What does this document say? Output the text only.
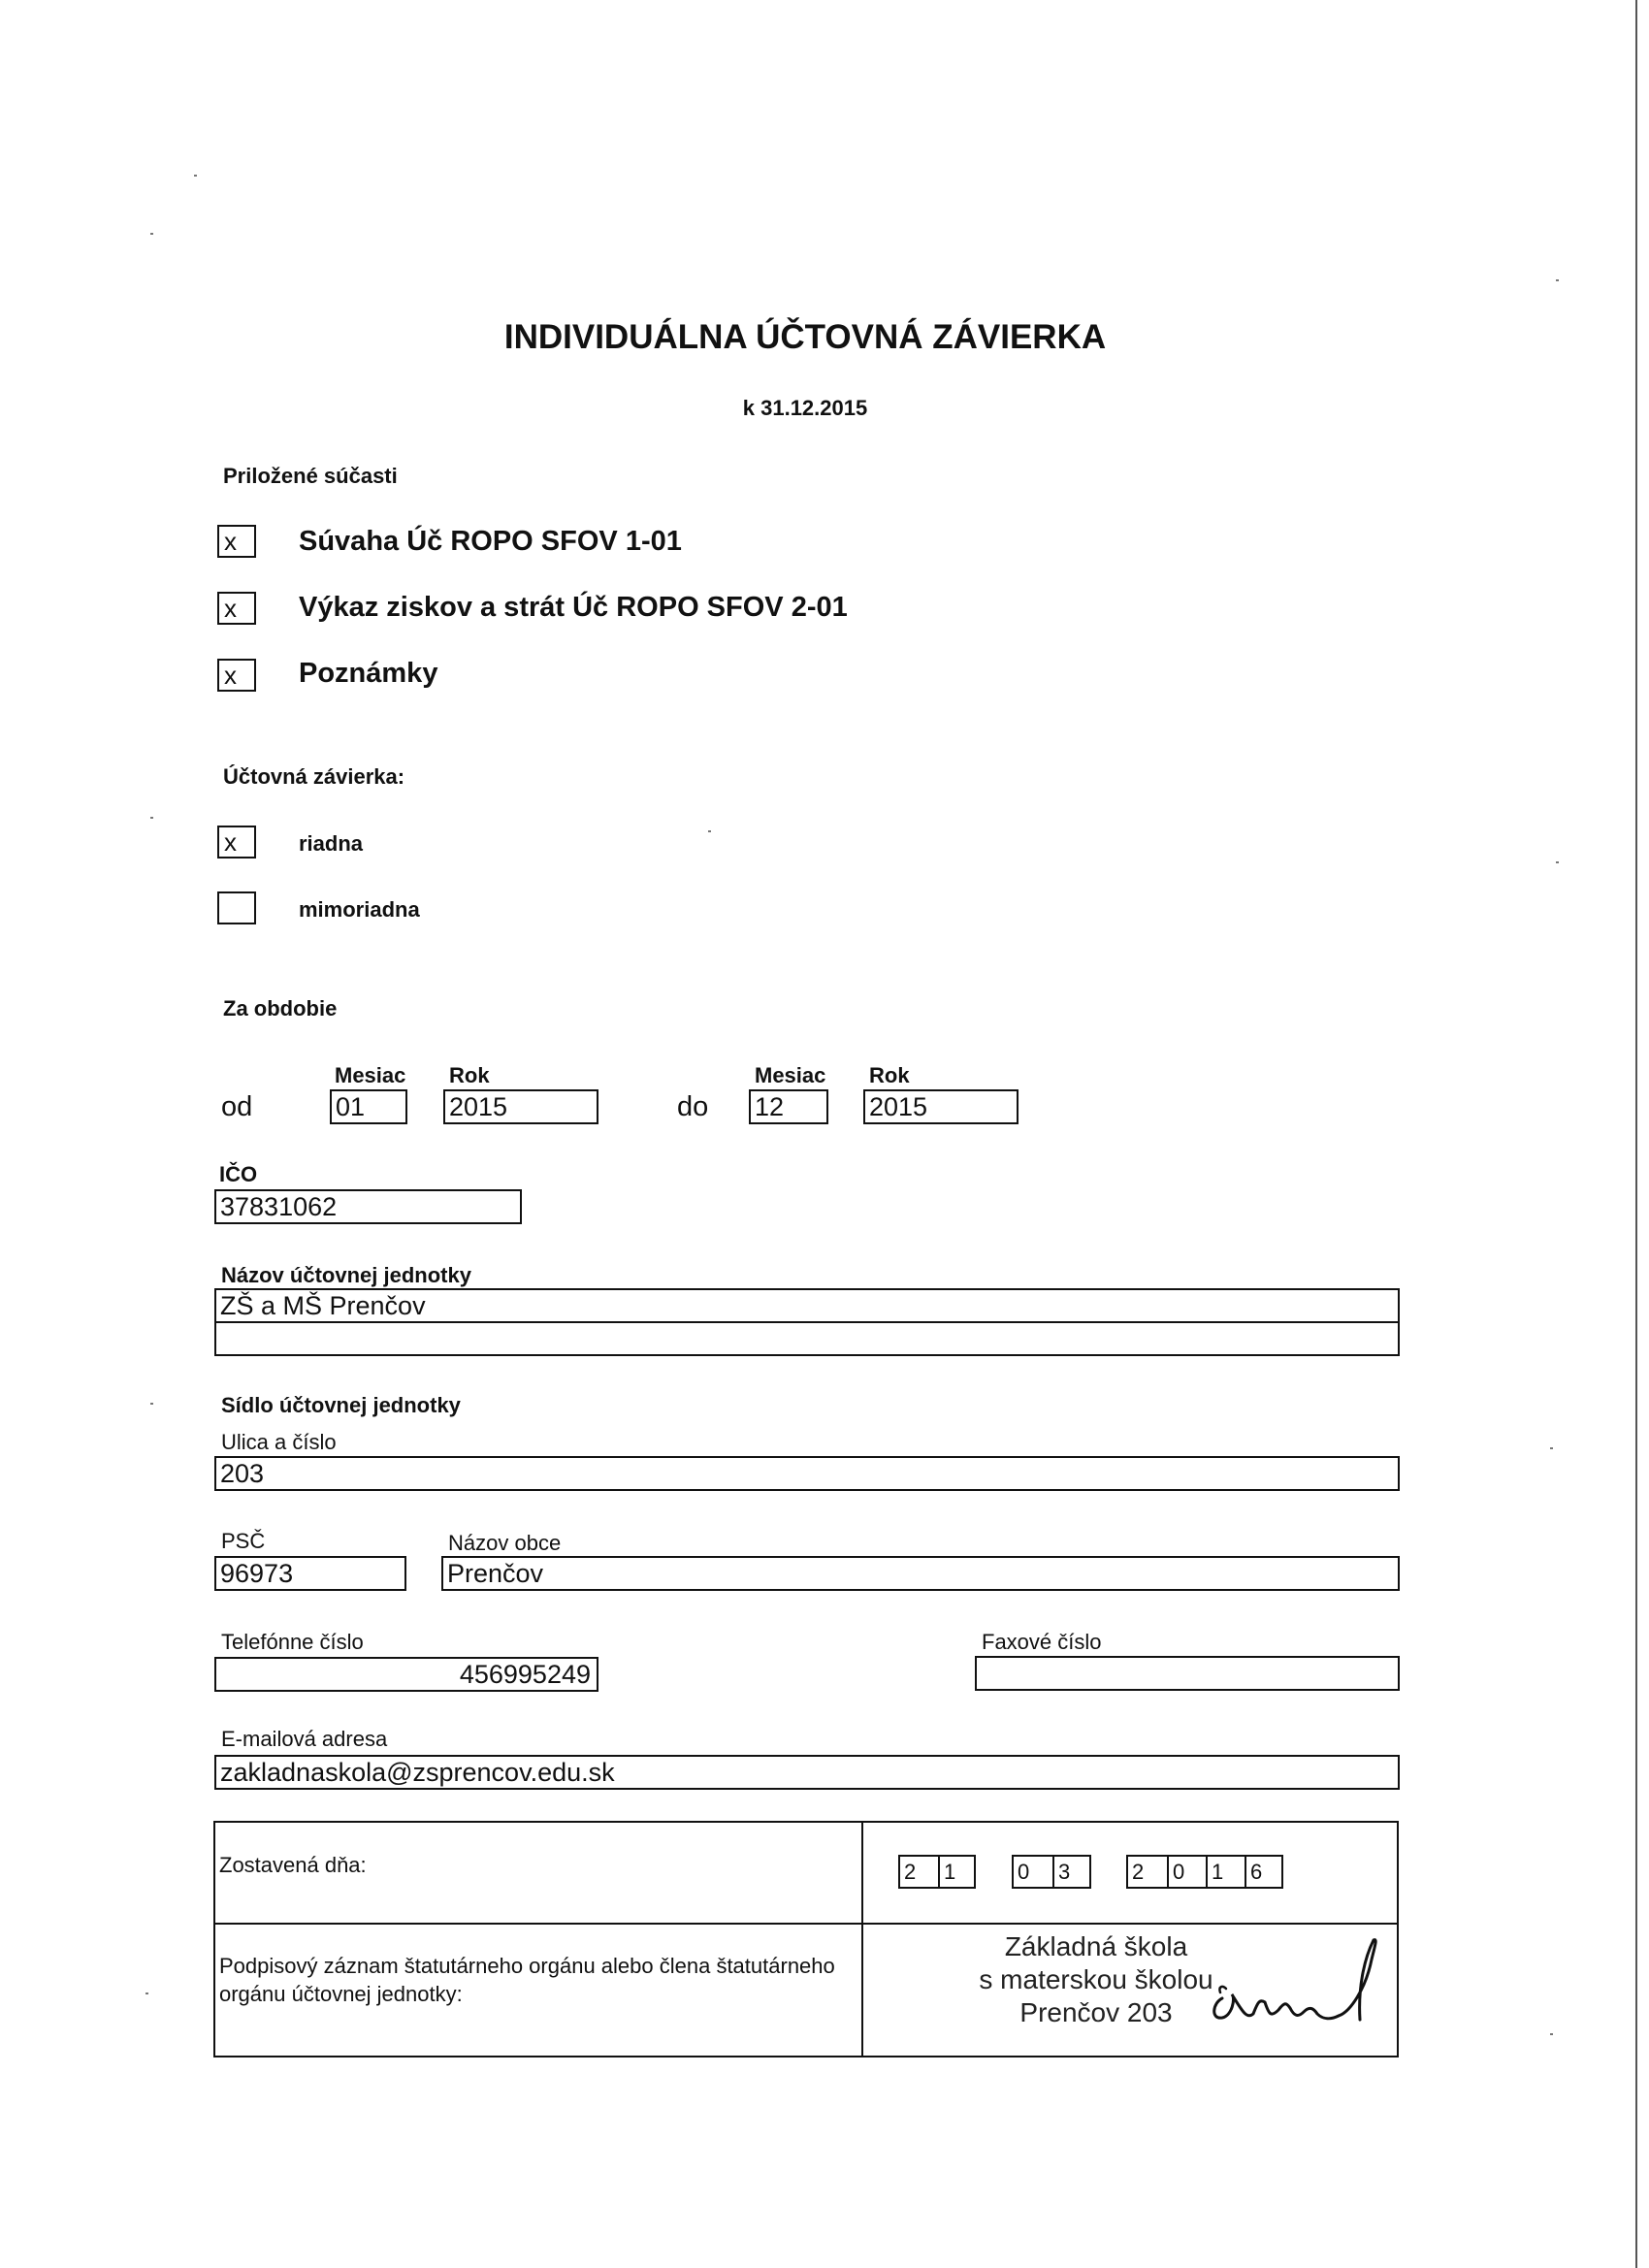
INDIVIDUÁLNA ÚČTOVNÁ ZÁVIERKA
k 31.12.2015
Priložené súčasti
x	Súvaha Úč ROPO SFOV 1-01
x	Výkaz ziskov a strát Úč ROPO SFOV 2-01
x	Poznámky
Účtovná závierka:
x	riadna
mimoriadna
Za obdobie
Mesiac Rok	Mesiac Rok
od	01	2015	do 12	2015
IČO
37831062
Názov účtovnej jednotky
ZŠ a MŠ Prenčov
Sídlo účtovnej jednotky
Ulica a číslo
203
PSČ	Názov obce
96973	Prenčov
Telefónne číslo
456995249
Faxové číslo
E-mailová adresa
zakladnaskola@zsprencov.edu.sk
Zostavená dňa:	2	1	0	3	2	0	1	6
Podpisový záznam štatutárneho orgánu alebo člena štatutárneho orgánu účtovnej jednotky:
Základná škola
s materskou školou
Prenčov 203
